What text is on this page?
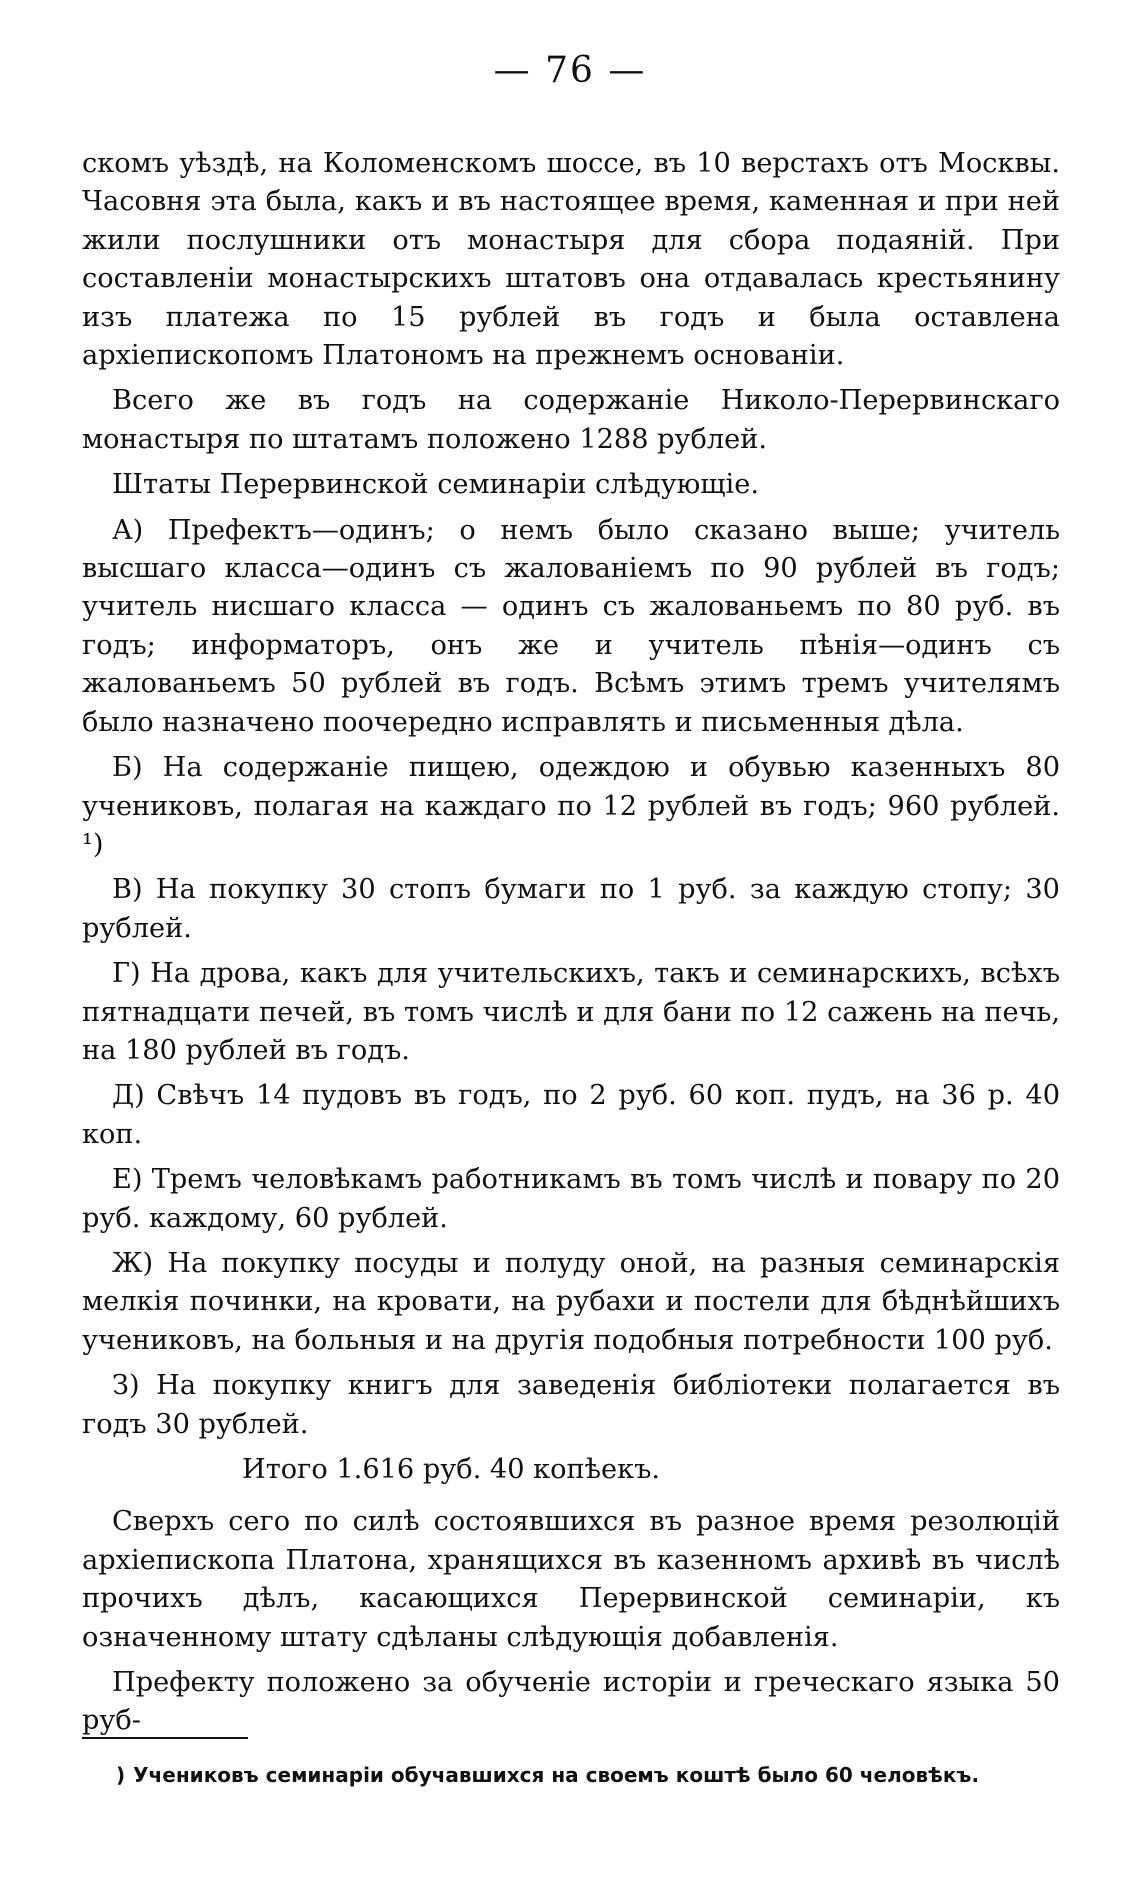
— 76 —

скомъ уѣздѣ, на Коломенскомъ шоссе, въ 10 верстахъ отъ Москвы. Часовня эта была, какъ и въ настоящее время, каменная и при ней жили послушники отъ монастыря для сбора подаяній. При составленіи монастырскихъ штатовъ она отдавалась крестьянину изъ платежа по 15 рублей въ годъ и была оставлена архіепископомъ Платономъ на прежнемъ основаніи.

Всего же въ годъ на содержаніе Николо-Перервинскаго монастыря по штатамъ положено 1288 рублей.

Штаты Перервинской семинаріи слѣдующіе.

А) Префектъ—одинъ; о немъ было сказано выше; учитель высшаго класса—одинъ съ жалованіемъ по 90 рублей въ годъ; учитель нисшаго класса — одинъ съ жалованьемъ по 80 руб. въ годъ; информаторъ, онъ же и учитель пѣнія—одинъ съ жалованьемъ 50 рублей въ годъ. Всѣмъ этимъ тремъ учителямъ было назначено поочередно исправлять и письменныя дѣла.

Б) На содержаніе пищею, одеждою и обувью казенныхъ 80 учениковъ, полагая на каждаго по 12 рублей въ годъ; 960 рублей. ¹)

В) На покупку 30 стопъ бумаги по 1 руб. за каждую стопу; 30 рублей.

Г) На дрова, какъ для учительскихъ, такъ и семинарскихъ, всѣхъ пятнадцати печей, въ томъ числѣ и для бани по 12 сажень на печь, на 180 рублей въ годъ.

Д) Свѣчъ 14 пудовъ въ годъ, по 2 руб. 60 коп. пудъ, на 36 р. 40 коп.

Е) Тремъ человѣкамъ работникамъ въ томъ числѣ и повару по 20 руб. каждому, 60 рублей.

Ж) На покупку посуды и полуду оной, на разныя семинарскія мелкія починки, на кровати, на рубахи и постели для бѣднѣйшихъ учениковъ, на больныя и на другія подобныя потребности 100 руб.

З) На покупку книгъ для заведенія библіотеки полагается въ годъ 30 рублей.

Итого 1.616 руб. 40 копѣекъ.

Сверхъ сего по силѣ состоявшихся въ разное время резолюцій архіепископа Платона, хранящихся въ казенномъ архивѣ въ числѣ прочихъ дѣлъ, касающихся Перервинской семинаріи, къ означенному штату сдѣланы слѣдующія добавленія.

Префекту положено за обученіе исторіи и греческаго языка 50 руб-

) Учениковъ семинаріи обучавшихся на своемъ коштѣ было 60 человѣкъ.
